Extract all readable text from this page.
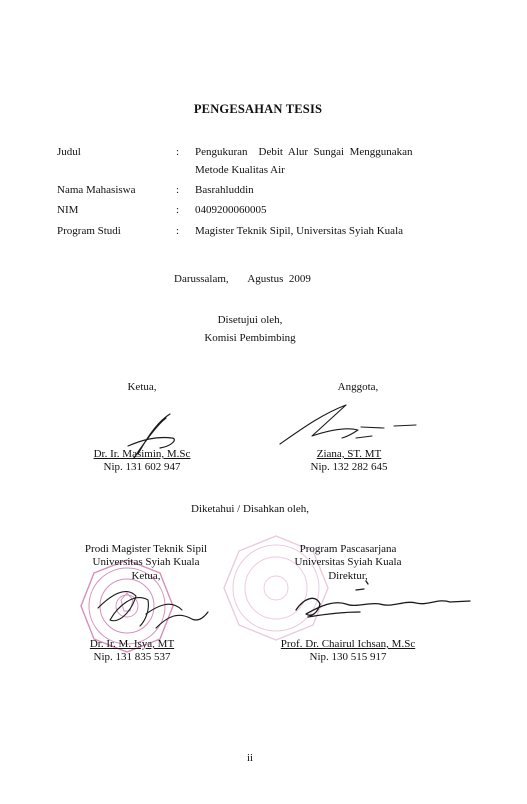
PENGESAHAN TESIS
Judul	: Pengukuran    Debit  Alur  Sungai  Menggunakan
Metode Kualitas Air
Nama Mahasiswa	: Basrahluddin
NIM	: 0409200060005
Program Studi	: Magister Teknik Sipil, Universitas Syiah Kuala
Darussalam,       Agustus  2009
Disetujui oleh,
Komisi Pembimbing
Ketua,	Anggota,
Dr. Ir. Masimin, M.Sc
Nip. 131 602 947
Ziana, ST. MT
Nip. 132 282 645
Diketahui / Disahkan oleh,
Prodi Magister Teknik Sipil
Universitas Syiah Kuala
Ketua,
Dr. Ir. M. Isya, MT
Nip. 131 835 537
Program Pascasarjana
Universitas Syiah Kuala
Direktur,
Prof. Dr. Chairul Ichsan, M.Sc
Nip. 130 515 917
ii
